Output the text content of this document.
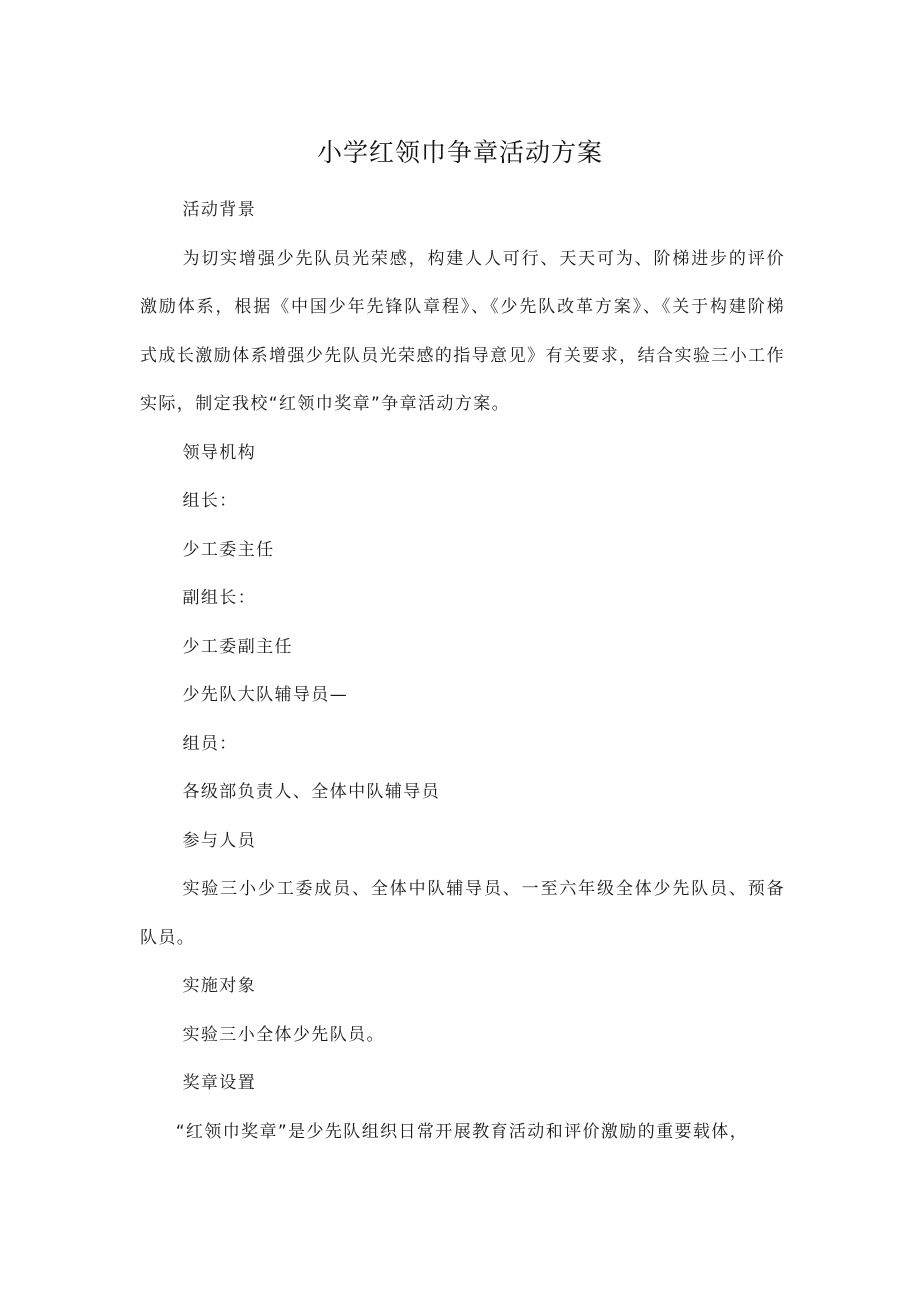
小学红领巾争章活动方案

活动背景

为切实增强少先队员光荣感，构建人人可行、天天可为、阶梯进步的评价激励体系，根据《中国少年先锋队章程》、《少先队改革方案》、《关于构建阶梯式成长激励体系增强少先队员光荣感的指导意见》有关要求，结合实验三小工作实际，制定我校“红领巾奖章”争章活动方案。

领导机构

组长：

少工委主任

副组长：

少工委副主任

少先队大队辅导员—

组员：

各级部负责人、全体中队辅导员

参与人员

实验三小少工委成员、全体中队辅导员、一至六年级全体少先队员、预备队员。

实施对象

实验三小全体少先队员。

奖章设置

“红领巾奖章”是少先队组织日常开展教育活动和评价激励的重要载体，
